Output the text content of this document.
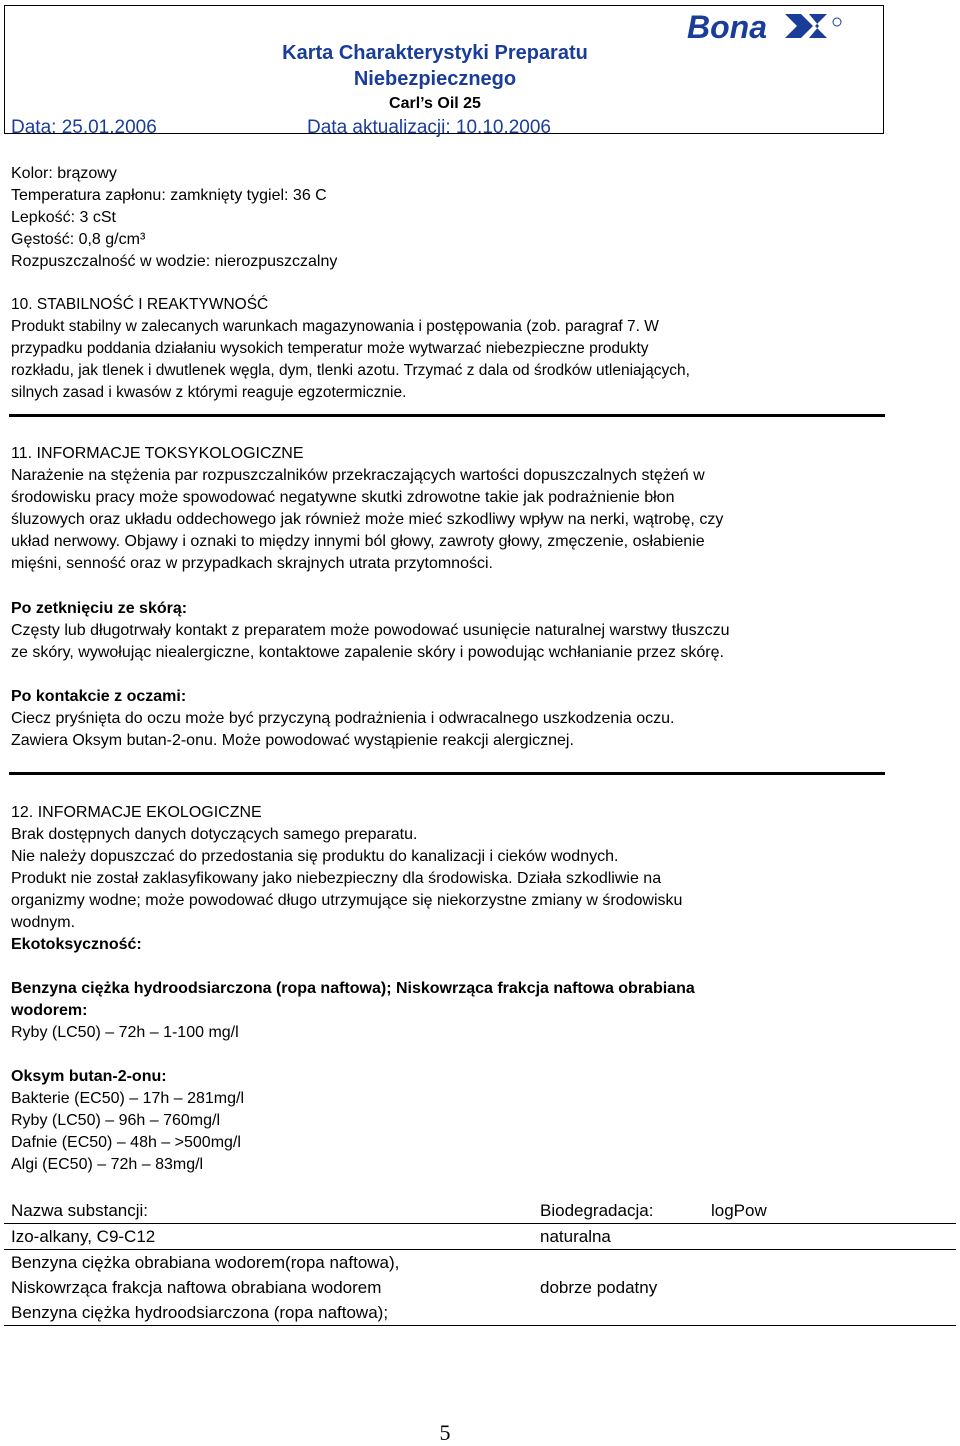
Bona
Karta Charakterystyki Preparatu
Niebezpiecznego
Carl’s Oil 25
Data: 25.01.2006	Data aktualizacji: 10.10.2006
Kolor: brązowy
Temperatura zapłonu: zamknięty tygiel: 36 C
Lepkość: 3 cSt
Gęstość: 0,8 g/cm³
Rozpuszczalność w wodzie: nierozpuszczalny
10. STABILNOŚĆ I REAKTYWNOŚĆ
Produkt stabilny w zalecanych warunkach magazynowania i postępowania (zob. paragraf 7. W
przypadku poddania działaniu wysokich temperatur może wytwarzać niebezpieczne produkty
rozkładu, jak tlenek i dwutlenek węgla, dym, tlenki azotu. Trzymać z dala od środków utleniających,
silnych zasad i kwasów z którymi reaguje egzotermicznie.
11. INFORMACJE TOKSYKOLOGICZNE
Narażenie na stężenia par rozpuszczalników przekraczających wartości dopuszczalnych stężeń w
środowisku pracy może spowodować negatywne skutki zdrowotne takie jak podrażnienie błon
śluzowych oraz układu oddechowego jak również może mieć szkodliwy wpływ na nerki, wątrobę, czy
układ nerwowy. Objawy i oznaki to między innymi ból głowy, zawroty głowy, zmęczenie, osłabienie
mięśni, senność oraz w przypadkach skrajnych utrata przytomności.
Po zetknięciu ze skórą:
Częsty lub długotrwały kontakt z preparatem może powodować usunięcie naturalnej warstwy tłuszczu
ze skóry, wywołując niealergiczne, kontaktowe zapalenie skóry i powodując wchłanianie przez skórę.
Po kontakcie z oczami:
Ciecz pryśnięta do oczu może być przyczyną podrażnienia i odwracalnego uszkodzenia oczu.
Zawiera Oksym butan-2-onu. Może powodować wystąpienie reakcji alergicznej.
12. INFORMACJE EKOLOGICZNE
Brak dostępnych danych dotyczących samego preparatu.
Nie należy dopuszczać do przedostania się produktu do kanalizacji i cieków wodnych.
Produkt nie został zaklasyfikowany jako niebezpieczny dla środowiska. Działa szkodliwie na
organizmy wodne; może powodować długo utrzymujące się niekorzystne zmiany w środowisku
wodnym.
Ekotoksyczność:
Benzyna ciężka hydroodsiarczona (ropa naftowa); Niskowrząca frakcja naftowa obrabiana
wodorem:
Ryby (LC50) – 72h – 1-100 mg/l
Oksym butan-2-onu:
Bakterie (EC50) – 17h – 281mg/l
Ryby (LC50) – 96h – 760mg/l
Dafnie (EC50) – 48h – >500mg/l
Algi (EC50) – 72h – 83mg/l
Nazwa substancji:	Biodegradacja:	logPow
Izo-alkany, C9-C12	naturalna
Benzyna ciężka obrabiana wodorem(ropa naftowa),
Niskowrząca frakcja naftowa obrabiana wodorem	dobrze podatny
Benzyna ciężka hydroodsiarczona (ropa naftowa);
5
